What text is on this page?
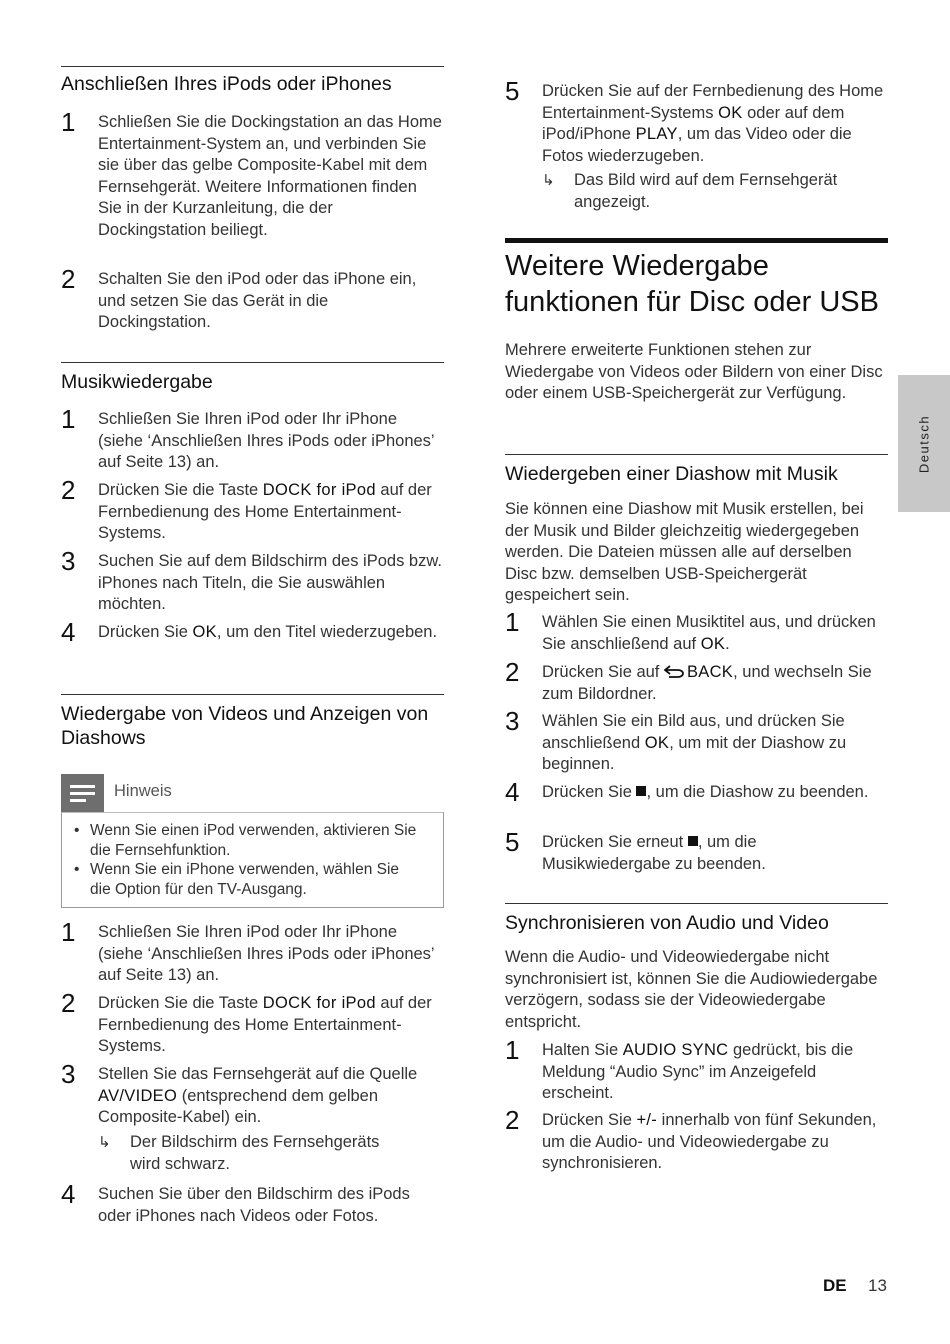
Anschließen Ihres iPods oder iPhones
1 Schließen Sie die Dockingstation an das Home Entertainment-System an, und verbinden Sie sie über das gelbe Composite-Kabel mit dem Fernsehgerät. Weitere Informationen finden Sie in der Kurzanleitung, die der Dockingstation beiliegt.
2 Schalten Sie den iPod oder das iPhone ein, und setzen Sie das Gerät in die Dockingstation.
Musikwiedergabe
1 Schließen Sie Ihren iPod oder Ihr iPhone (siehe ‘Anschließen Ihres iPods oder iPhones’ auf Seite 13) an.
2 Drücken Sie die Taste DOCK for iPod auf der Fernbedienung des Home Entertainment-Systems.
3 Suchen Sie auf dem Bildschirm des iPods bzw. iPhones nach Titeln, die Sie auswählen möchten.
4 Drücken Sie OK, um den Titel wiederzugeben.
Wiedergabe von Videos und Anzeigen von Diashows
Hinweis
• Wenn Sie einen iPod verwenden, aktivieren Sie die Fernsehfunktion.
• Wenn Sie ein iPhone verwenden, wählen Sie die Option für den TV-Ausgang.
1 Schließen Sie Ihren iPod oder Ihr iPhone (siehe ‘Anschließen Ihres iPods oder iPhones’ auf Seite 13) an.
2 Drücken Sie die Taste DOCK for iPod auf der Fernbedienung des Home Entertainment-Systems.
3 Stellen Sie das Fernsehgerät auf die Quelle AV/VIDEO (entsprechend dem gelben Composite-Kabel) ein.
↳ Der Bildschirm des Fernsehgeräts wird schwarz.
4 Suchen Sie über den Bildschirm des iPods oder iPhones nach Videos oder Fotos.
5 Drücken Sie auf der Fernbedienung des Home Entertainment-Systems OK oder auf dem iPod/iPhone PLAY, um das Video oder die Fotos wiederzugeben.
↳ Das Bild wird auf dem Fernsehgerät angezeigt.
Weitere Wiedergabe funktionen für Disc oder USB

Mehrere erweiterte Funktionen stehen zur Wiedergabe von Videos oder Bildern von einer Disc oder einem USB-Speichergerät zur Verfügung.

Wiedergeben einer Diashow mit Musik

Sie können eine Diashow mit Musik erstellen, bei der Musik und Bilder gleichzeitig wiedergegeben werden. Die Dateien müssen alle auf derselben Disc bzw. demselben USB-Speichergerät gespeichert sein.

1 Wählen Sie einen Musiktitel aus, und drücken Sie anschließend auf OK.
2 Drücken Sie auf BACK, und wechseln Sie zum Bildordner.
3 Wählen Sie ein Bild aus, und drücken Sie anschließend OK, um mit der Diashow zu beginnen.
4 Drücken Sie , um die Diashow zu beenden.
5 Drücken Sie erneut , um die Musikwiedergabe zu beenden.
Synchronisieren von Audio und Video

Wenn die Audio- und Videowiedergabe nicht synchronisiert ist, können Sie die Audiowiedergabe verzögern, sodass sie der Videowiedergabe entspricht.

1 Halten Sie AUDIO SYNC gedrückt, bis die Meldung “Audio Sync” im Anzeigefeld erscheint.
2 Drücken Sie +/- innerhalb von fünf Sekunden, um die Audio- und Videowiedergabe zu synchronisieren.
Deutsch
DE 13
